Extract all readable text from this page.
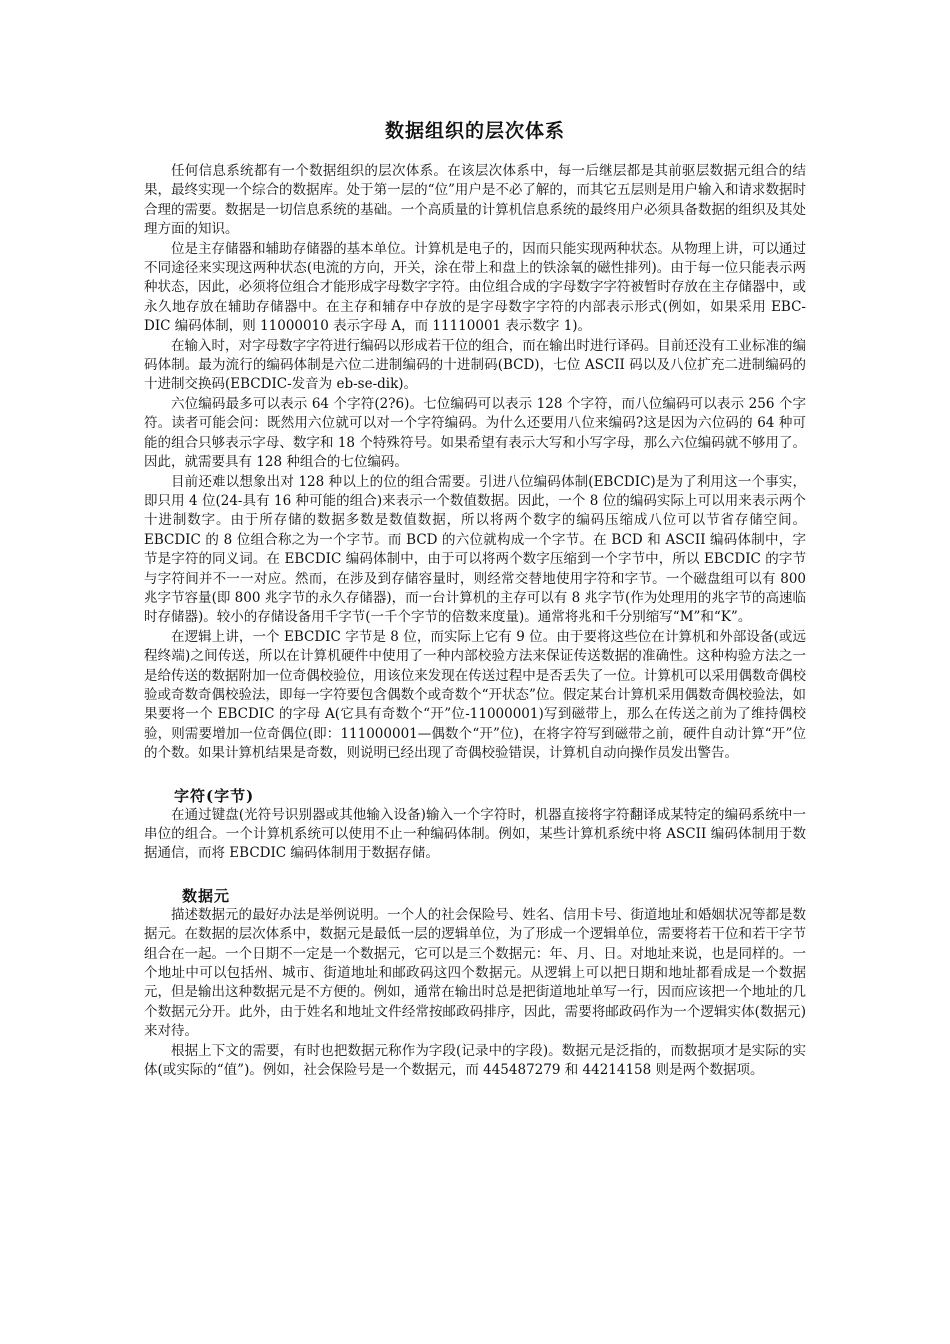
数据组织的层次体系

任何信息系统都有一个数据组织的层次体系。在该层次体系中，每一后继层都是其前驱层数据元组合的结果，最终实现一个综合的数据库。处于第一层的“位”用户是不必了解的，而其它五层则是用户输入和请求数据时合理的需要。数据是一切信息系统的基础。一个高质量的计算机信息系统的最终用户必须具备数据的组织及其处理方面的知识。

位是主存储器和辅助存储器的基本单位。计算机是电子的，因而只能实现两种状态。从物理上讲，可以通过不同途径来实现这两种状态(电流的方向，开关，涂在带上和盘上的铁涂氧的磁性排列)。由于每一位只能表示两种状态，因此，必须将位组合才能形成字母数字字符。由位组合成的字母数字字符被暂时存放在主存储器中，或永久地存放在辅助存储器中。在主存和辅存中存放的是字母数字字符的内部表示形式(例如，如果采用 EBC-DIC 编码体制，则 11000010 表示字母 A，而 11110001 表示数字 1)。

在输入时，对字母数字字符进行编码以形成若干位的组合，而在输出时进行译码。目前还没有工业标准的编码体制。最为流行的编码体制是六位二进制编码的十进制码(BCD)，七位 ASCII 码以及八位扩充二进制编码的十进制交换码(EBCDIC-发音为 eb-se-dik)。

六位编码最多可以表示 64 个字符(2?6)。七位编码可以表示 128 个字符，而八位编码可以表示 256 个字符。读者可能会问：既然用六位就可以对一个字符编码。为什么还要用八位来编码?这是因为六位码的 64 种可能的组合只够表示字母、数字和 18 个特殊符号。如果希望有表示大写和小写字母，那么六位编码就不够用了。因此，就需要具有 128 种组合的七位编码。

目前还难以想象出对 128 种以上的位的组合需要。引进八位编码体制(EBCDIC)是为了利用这一个事实，即只用 4 位(24-具有 16 种可能的组合)来表示一个数值数据。因此，一个 8 位的编码实际上可以用来表示两个十进制数字。由于所存储的数据多数是数值数据，所以将两个数字的编码压缩成八位可以节省存储空间。EBCDIC 的 8 位组合称之为一个字节。而 BCD 的六位就构成一个字节。在 BCD 和 ASCII 编码体制中，字节是字符的同义词。在 EBCDIC 编码体制中，由于可以将两个数字压缩到一个字节中，所以 EBCDIC 的字节与字符间并不一一对应。然而，在涉及到存储容量时，则经常交替地使用字符和字节。一个磁盘组可以有 800 兆字节容量(即 800 兆字节的永久存储器)，而一台计算机的主存可以有 8 兆字节(作为处理用的兆字节的高速临时存储器)。较小的存储设备用千字节(一千个字节的倍数来度量)。通常将兆和千分别缩写“M”和“K”。

在逻辑上讲，一个 EBCDIC 字节是 8 位，而实际上它有 9 位。由于要将这些位在计算机和外部设备(或远程终端)之间传送，所以在计算机硬件中使用了一种内部校验方法来保证传送数据的准确性。这种构验方法之一是给传送的数据附加一位奇偶校验位，用该位来发现在传送过程中是否丢失了一位。计算机可以采用偶数奇偶校验或奇数奇偶校验法，即每一字符要包含偶数个或奇数个“开状态”位。假定某台计算机采用偶数奇偶校验法，如果要将一个 EBCDIC 的字母 A(它具有奇数个“开”位-11000001)写到磁带上，那么在传送之前为了维持偶校验，则需要增加一位奇偶位(即：111000001—偶数个“开”位)，在将字符写到磁带之前，硬件自动计算“开”位的个数。如果计算机结果是奇数，则说明已经出现了奇偶校验错误，计算机自动向操作员发出警告。

字符(字节)

在通过键盘(光符号识别器或其他输入设备)输入一个字符时，机器直接将字符翻译成某特定的编码系统中一串位的组合。一个计算机系统可以使用不止一种编码体制。例如，某些计算机系统中将 ASCII 编码体制用于数据通信，而将 EBCDIC 编码体制用于数据存储。

数据元

描述数据元的最好办法是举例说明。一个人的社会保险号、姓名、信用卡号、街道地址和婚姻状况等都是数据元。在数据的层次体系中，数据元是最低一层的逻辑单位，为了形成一个逻辑单位，需要将若干位和若干字节组合在一起。一个日期不一定是一个数据元，它可以是三个数据元：年、月、日。对地址来说，也是同样的。一个地址中可以包括州、城市、街道地址和邮政码这四个数据元。从逻辑上可以把日期和地址都看成是一个数据元，但是输出这种数据元是不方便的。例如，通常在输出时总是把街道地址单写一行，因而应该把一个地址的几个数据元分开。此外，由于姓名和地址文件经常按邮政码排序，因此，需要将邮政码作为一个逻辑实体(数据元)来对待。

根据上下文的需要，有时也把数据元称作为字段(记录中的字段)。数据元是泛指的，而数据项才是实际的实体(或实际的“值”)。例如，社会保险号是一个数据元，而 445487279 和 44214158 则是两个数据项。
